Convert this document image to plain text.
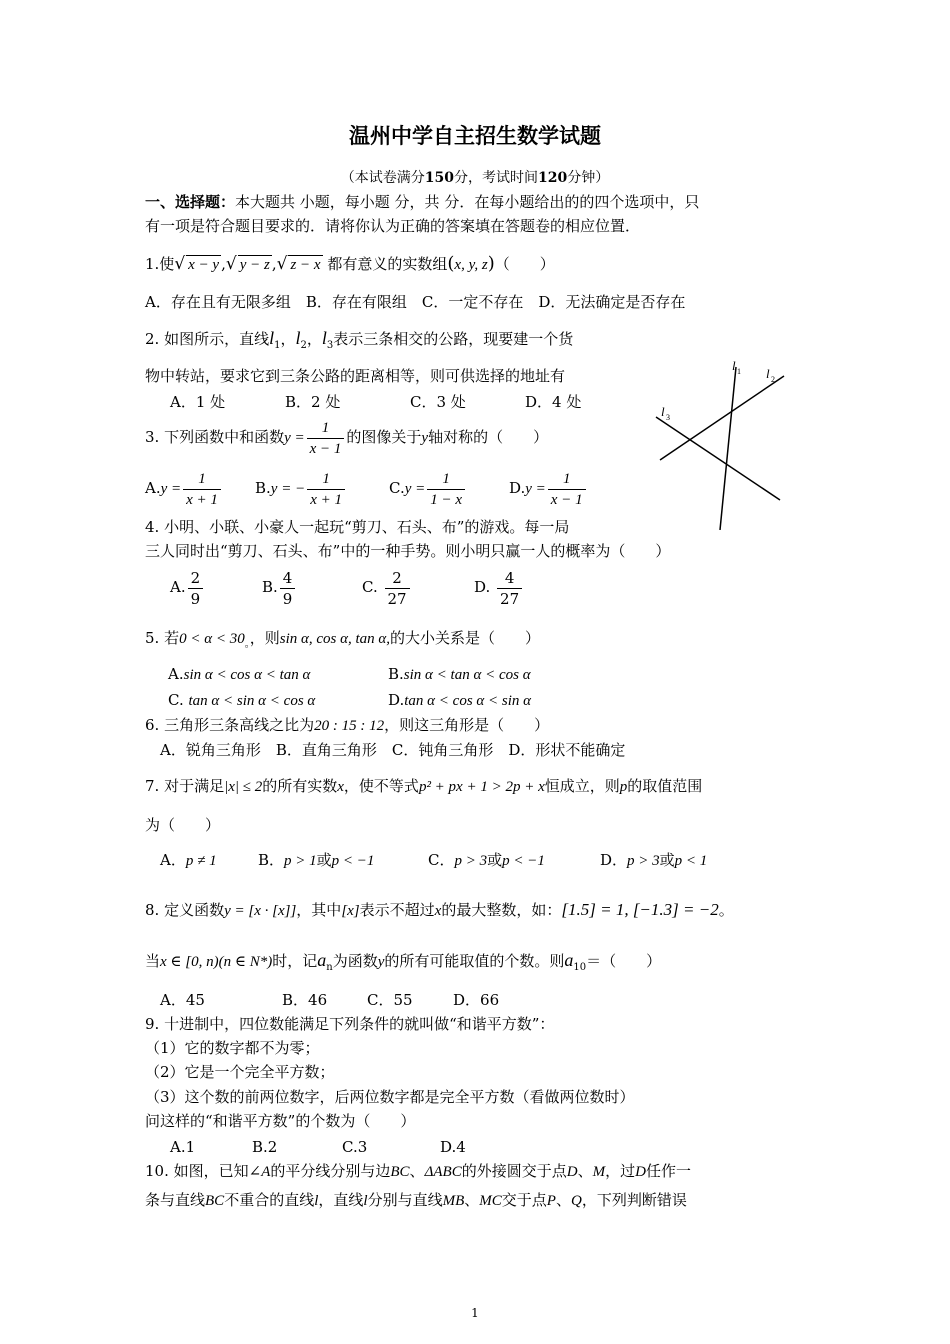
温州中学自主招生数学试题
（本试卷满分150分，考试时间120分钟）
一、选择题：本大题共 小题，每小题 分，共 分．在每小题给出的的四个选项中，只
有一项是符合题目要求的．请将你认为正确的答案填在答题卷的相应位置．
1.使√ x − y ,√ y − z ,√ z − x 都有意义的实数组(x, y, z)（　　）
A．存在且有无限多组　B．存在有限组　C．一定不存在　D．无法确定是否存在
2. 如图所示，直线$l_1$，$l_2$，$l_3$表示三条相交的公路，现要建一个货
物中转站，要求它到三条公路的距离相等，则可供选择的地址有
A．1 处	B．2 处	C．3 处	D．4 处
l 1 l 2
l 3
3. 下列函数中和函数$y = \frac{1}{x - 1}$ 的图像关于y轴对称的（　　）
$A.y = \frac{1}{x + 1} B.y$ = − $\frac{1}{x + 1}$	$C.y = \frac{1}{1 - x}$	$D.y = \frac{1}{x - 1}$
4. 小明、小联、小豪人一起玩“剪刀、石头、布”的游戏。每一局
三人同时出“剪刀、石头、布”中的一种手势。则小明只赢一人的概率为（　　）
A. $\frac{2}{9}$	B. $\frac{4}{9}$	C. $\frac{2}{27}$	D. $\frac{4}{27}$
5. 若$0 < \alpha < 30_。$，则sin α, cos α, tan α,的大小关系是（　　）
A.sin α < cos α < tan α	B.sin α < tan α < cos α
C. tan α < sin α < cos α	D.tan α < cos α < sin α
6. 三角形三条高线之比为20 : 15 : 12，则这三角形是（　　）
A．锐角三角形　B．直角三角形　C．钝角三角形　D．形状不能确定
7. 对于满足|x| ≤ 2的所有实数x，使不等式p² + px + 1 > 2p + x恒成立，则p的取值范围
为（　　）
A．p ≠ 1	B．p > 1或p < −1	C．p > 3或p < −1	D．p > 3或p < 1
8. 定义函数y = [x · [x]]，其中[x]表示不超过x的最大整数，如：[1.5] = 1, [−1.3] = −2。
当x ∈ [0, n)(n ∈ N*)时，记$a_n$为函数y的所有可能取值的个数。则$a_{10}=$（　　）
A．45	B．46	C．55	D．66
9. 十进制中，四位数能满足下列条件的就叫做“和谐平方数”：
（1）它的数字都不为零；
（2）它是一个完全平方数；
（3）这个数的前两位数字，后两位数字都是完全平方数（看做两位数时）
问这样的“和谐平方数”的个数为（　　）
A.1	B.2	C.3	D.4
10. 如图，已知∠A的平分线分别与边BC、ΔABC的外接圆交于点D、M，过D任作一
条与直线BC不重合的直线l，直线l分别与直线MB、MC交于点P、Q，下列判断错误
1
